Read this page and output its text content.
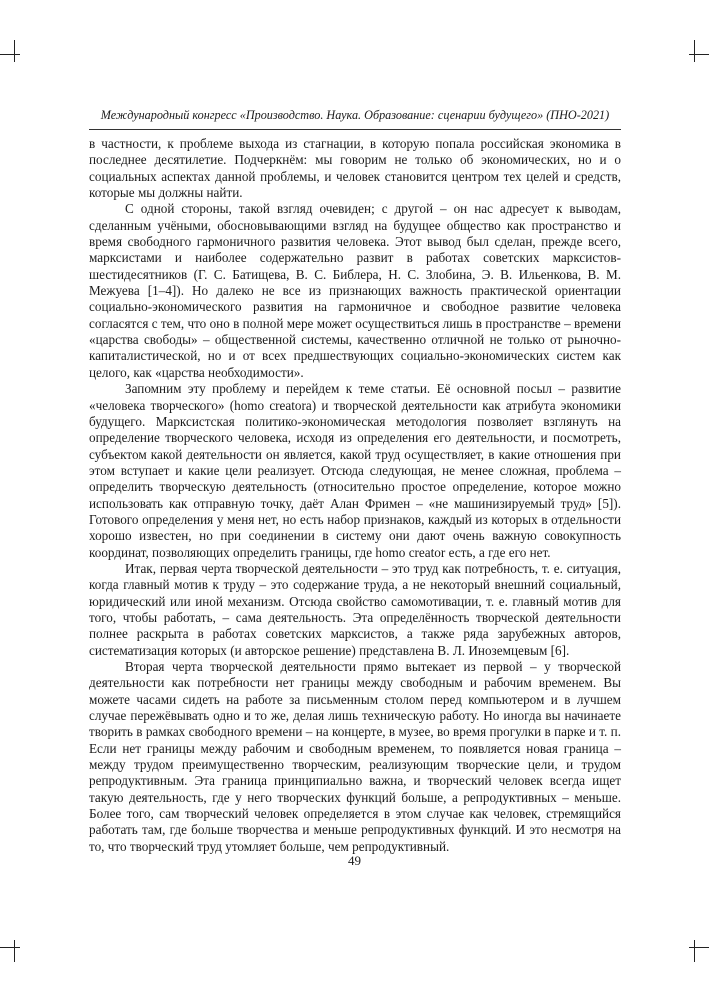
Международный конгресс «Производство. Наука. Образование: сценарии будущего» (ПНО-2021)

в частности, к проблеме выхода из стагнации, в которую попала российская экономика в последнее десятилетие. Подчеркнём: мы говорим не только об экономических, но и о социальных аспектах данной проблемы, и человек становится центром тех целей и средств, которые мы должны найти.

С одной стороны, такой взгляд очевиден; с другой – он нас адресует к выводам, сделанным учёными, обосновывающими взгляд на будущее общество как пространство и время свободного гармоничного развития человека. Этот вывод был сделан, прежде всего, марксистами и наиболее содержательно развит в работах советских марксистов-шестидесятников (Г. С. Батищева, В. С. Библера, Н. С. Злобина, Э. В. Ильенкова, В. М. Межуева [1–4]). Но далеко не все из признающих важность практической ориентации социально-экономического развития на гармоничное и свободное развитие человека согласятся с тем, что оно в полной мере может осуществиться лишь в пространстве – времени «царства свободы» – общественной системы, качественно отличной не только от рыночно-капиталистической, но и от всех предшествующих социально-экономических систем как целого, как «царства необходимости».

Запомним эту проблему и перейдем к теме статьи. Её основной посыл – развитие «человека творческого» (homo creatora) и творческой деятельности как атрибута экономики будущего. Марксистская политико-экономическая методология позволяет взглянуть на определение творческого человека, исходя из определения его деятельности, и посмотреть, субъектом какой деятельности он является, какой труд осуществляет, в какие отношения при этом вступает и какие цели реализует. Отсюда следующая, не менее сложная, проблема – определить творческую деятельность (относительно простое определение, которое можно использовать как отправную точку, даёт Алан Фримен – «не машинизируемый труд» [5]). Готового определения у меня нет, но есть набор признаков, каждый из которых в отдельности хорошо известен, но при соединении в систему они дают очень важную совокупность координат, позволяющих определить границы, где homo creator есть, а где его нет.

Итак, первая черта творческой деятельности – это труд как потребность, т. е. ситуация, когда главный мотив к труду – это содержание труда, а не некоторый внешний социальный, юридический или иной механизм. Отсюда свойство самомотивации, т. е. главный мотив для того, чтобы работать, – сама деятельность. Эта определённость творческой деятельности полнее раскрыта в работах советских марксистов, а также ряда зарубежных авторов, систематизация которых (и авторское решение) представлена В. Л. Иноземцевым [6].

Вторая черта творческой деятельности прямо вытекает из первой – у творческой деятельности как потребности нет границы между свободным и рабочим временем. Вы можете часами сидеть на работе за письменным столом перед компьютером и в лучшем случае пережёвывать одно и то же, делая лишь техническую работу. Но иногда вы начинаете творить в рамках свободного времени – на концерте, в музее, во время прогулки в парке и т. п. Если нет границы между рабочим и свободным временем, то появляется новая граница – между трудом преимущественно творческим, реализующим творческие цели, и трудом репродуктивным. Эта граница принципиально важна, и творческий человек всегда ищет такую деятельность, где у него творческих функций больше, а репродуктивных – меньше. Более того, сам творческий человек определяется в этом случае как человек, стремящийся работать там, где больше творчества и меньше репродуктивных функций. И это несмотря на то, что творческий труд утомляет больше, чем репродуктивный.

49
